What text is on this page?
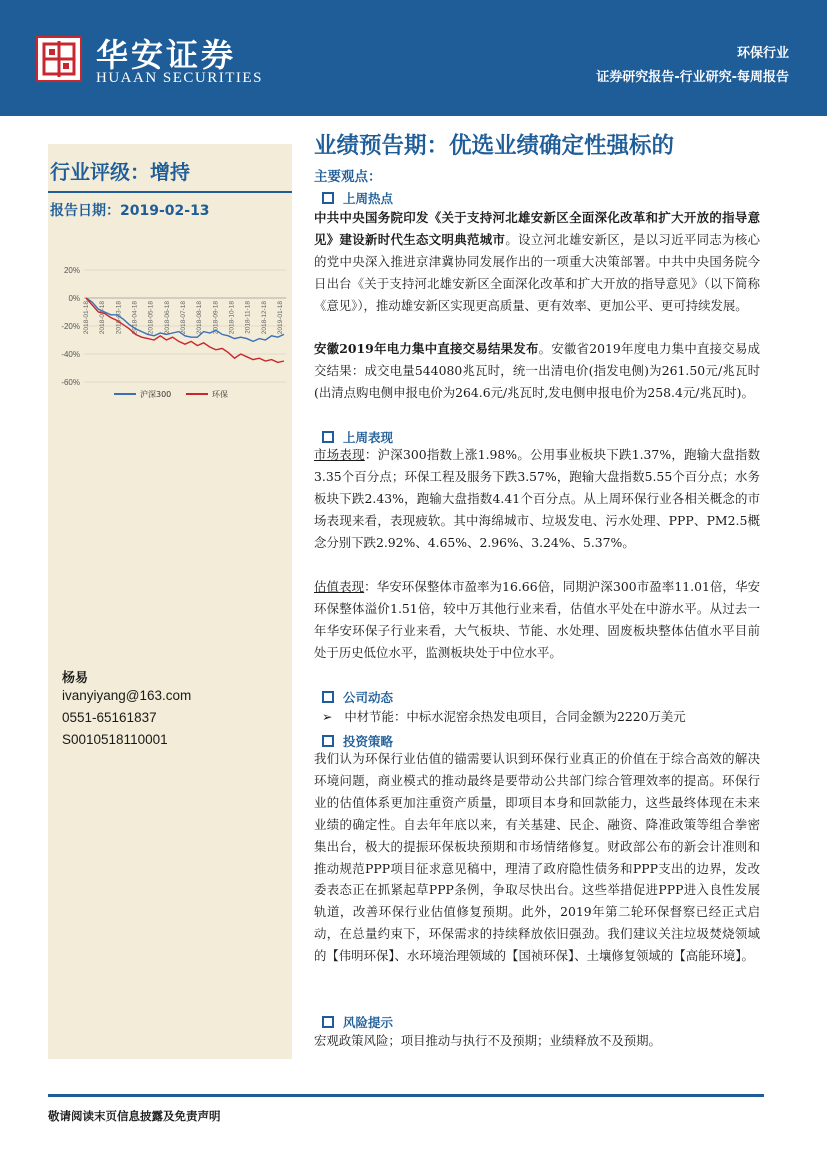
华安证券
HUAAN SECURITIES
环保行业
证券研究报告-行业研究-每周报告
行业评级：增持
报告日期：2019-02-13
20%
0%
-20%
-40%
-60%
2018-01-18 2018-02-18 2018-03-18 2018-04-18 2018-05-18 2018-06-18 2018-07-18 2018-08-18 2018-09-18 2018-10-18 2018-11-18 2018-12-18 2019-01-18
沪深300	环保
杨易
ivanyiyang@163.com
0551-65161837
S0010518110001
业绩预告期：优选业绩确定性强标的
主要观点：
上周热点
中共中央国务院印发《关于支持河北雄安新区全面深化改革和扩大开放的指导意见》建设新时代生态文明典范城市。设立河北雄安新区，是以习近平同志为核心的党中央深入推进京津冀协同发展作出的一项重大决策部署。中共中央国务院今日出台《关于支持河北雄安新区全面深化改革和扩大开放的指导意见》（以下简称《意见》），推动雄安新区实现更高质量、更有效率、更加公平、更可持续发展。
安徽2019年电力集中直接交易结果发布。安徽省2019年度电力集中直接交易成交结果：成交电量544080兆瓦时，统一出清电价(指发电侧)为261.50元/兆瓦时(出清点购电侧申报电价为264.6元/兆瓦时,发电侧申报电价为258.4元/兆瓦时)。
上周表现
市场表现：沪深300指数上涨1.98%。公用事业板块下跌1.37%，跑输大盘指数3.35个百分点；环保工程及服务下跌3.57%，跑输大盘指数5.55个百分点；水务板块下跌2.43%，跑输大盘指数4.41个百分点。从上周环保行业各相关概念的市场表现来看，表现疲软。其中海绵城市、垃圾发电、污水处理、PPP、PM2.5概念分别下跌2.92%、4.65%、2.96%、3.24%、5.37%。
估值表现：华安环保整体市盈率为16.66倍，同期沪深300市盈率11.01倍，华安环保整体溢价1.51倍，较中万其他行业来看，估值水平处在中游水平。从过去一年华安环保子行业来看，大气板块、节能、水处理、固废板块整体估值水平目前处于历史低位水平，监测板块处于中位水平。
公司动态
➢ 中材节能：中标水泥窑余热发电项目，合同金额为2220万美元
投资策略
我们认为环保行业估值的锚需要认识到环保行业真正的价值在于综合高效的解决环境问题，商业模式的推动最终是要带动公共部门综合管理效率的提高。环保行业的估值体系更加注重资产质量，即项目本身和回款能力，这些最终体现在未来业绩的确定性。自去年年底以来，有关基建、民企、融资、降准政策等组合拳密集出台，极大的提振环保板块预期和市场情绪修复。财政部公布的新会计准则和推动规范PPP项目征求意见稿中，理清了政府隐性债务和PPP支出的边界，发改委表态正在抓紧起草PPP条例，争取尽快出台。这些举措促进PPP进入良性发展轨道，改善环保行业估值修复预期。此外，2019年第二轮环保督察已经正式启动，在总量约束下，环保需求的持续释放依旧强劲。我们建议关注垃圾焚烧领域的【伟明环保】、水环境治理领域的【国祯环保】、土壤修复领域的【高能环境】。
风险提示
宏观政策风险；项目推动与执行不及预期；业绩释放不及预期。
敬请阅读末页信息披露及免责声明
